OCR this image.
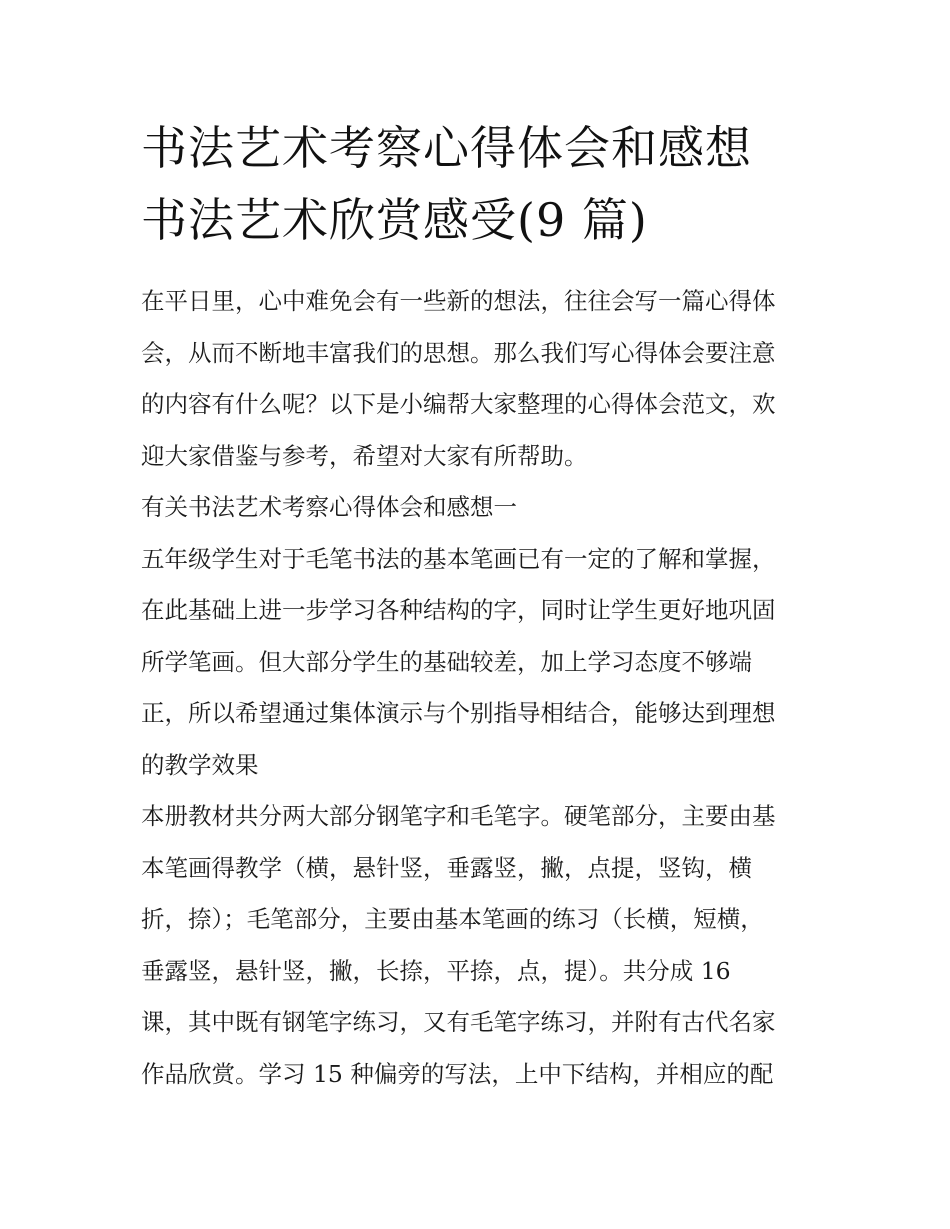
书法艺术考察心得体会和感想
书法艺术欣赏感受(9 篇)
在平日里，心中难免会有一些新的想法，往往会写一篇心得体
会，从而不断地丰富我们的思想。那么我们写心得体会要注意
的内容有什么呢？以下是小编帮大家整理的心得体会范文，欢
迎大家借鉴与参考，希望对大家有所帮助。
有关书法艺术考察心得体会和感想一
五年级学生对于毛笔书法的基本笔画已有一定的了解和掌握，
在此基础上进一步学习各种结构的字，同时让学生更好地巩固
所学笔画。但大部分学生的基础较差，加上学习态度不够端
正，所以希望通过集体演示与个别指导相结合，能够达到理想
的教学效果
本册教材共分两大部分钢笔字和毛笔字。硬笔部分，主要由基
本笔画得教学（横，悬针竖，垂露竖，撇，点提，竖钩，横
折，捺）；毛笔部分，主要由基本笔画的练习（长横，短横，
垂露竖，悬针竖，撇，长捺，平捺，点，提）。共分成 16
课，其中既有钢笔字练习，又有毛笔字练习，并附有古代名家
作品欣赏。学习 15 种偏旁的写法，上中下结构，并相应的配
